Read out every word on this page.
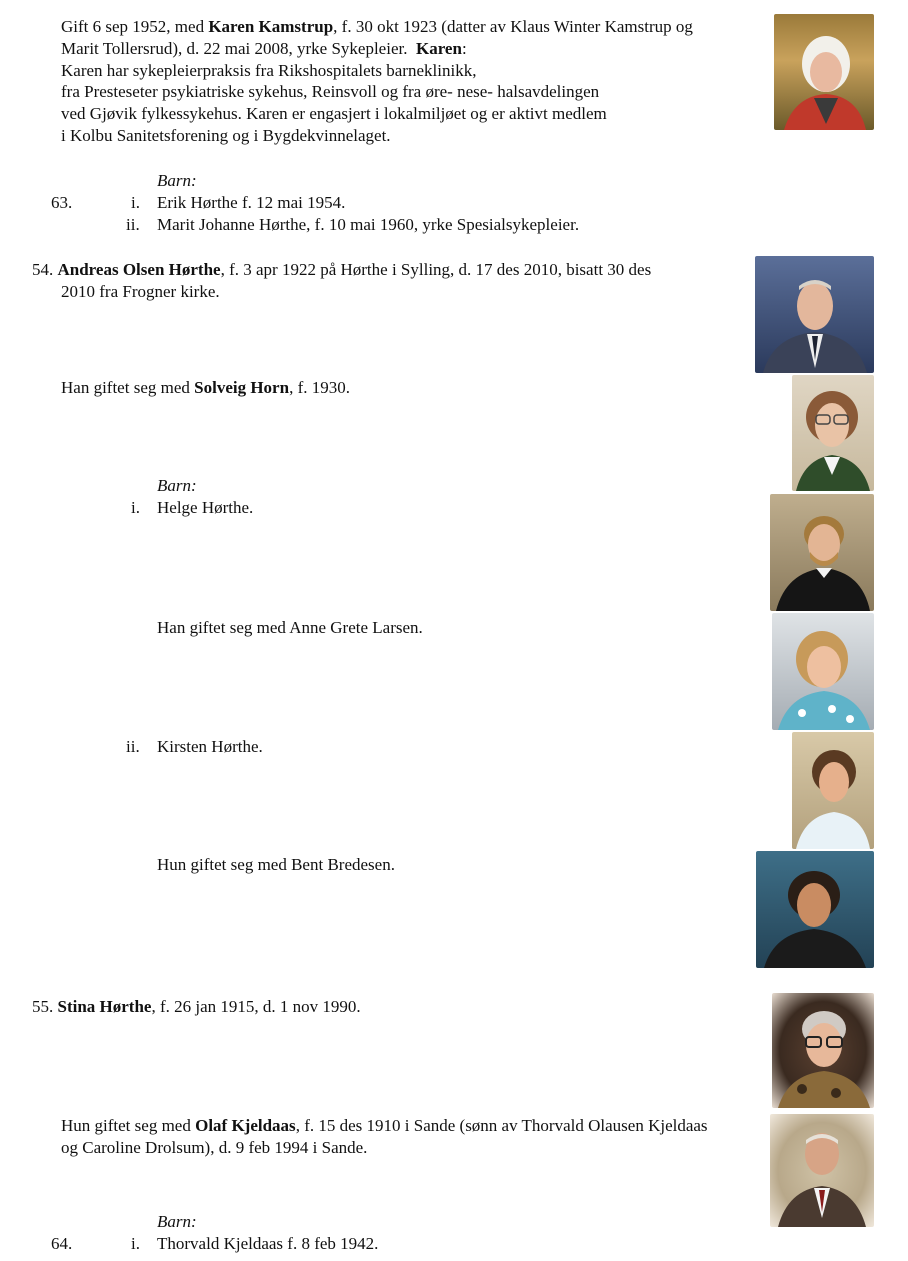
Gift 6 sep 1952, med Karen Kamstrup, f. 30 okt 1923 (datter av Klaus Winter Kamstrup og
Marit Tollersrud), d. 22 mai 2008, yrke Sykepleier. Karen:
Karen har sykepleierpraksis fra Rikshospitalets barneklinikk,
fra Presteseter psykiatriske sykehus, Reinsvoll og fra øre- nese- halsavdelingen
ved Gjøvik fylkessykehus. Karen er engasjert i lokalmiljøet og er aktivt medlem
i Kolbu Sanitetsforening og i Bygdekvinnelaget.
Barn:
63.	i. Erik Hørthe f. 12 mai 1954.
ii. Marit Johanne Hørthe, f. 10 mai 1960, yrke Spesialsykepleier.
54. Andreas Olsen Hørthe, f. 3 apr 1922 på Hørthe i Sylling, d. 17 des 2010, bisatt 30 des
2010 fra Frogner kirke.
Han giftet seg med Solveig Horn, f. 1930.
Barn:
i. Helge Hørthe.
Han giftet seg med Anne Grete Larsen.
ii. Kirsten Hørthe.
Hun giftet seg med Bent Bredesen.
55. Stina Hørthe, f. 26 jan 1915, d. 1 nov 1990.
Hun giftet seg med Olaf Kjeldaas, f. 15 des 1910 i Sande (sønn av Thorvald Olausen Kjeldaas
og Caroline Drolsum), d. 9 feb 1994 i Sande.
Barn:
64.	i. Thorvald Kjeldaas f. 8 feb 1942.
